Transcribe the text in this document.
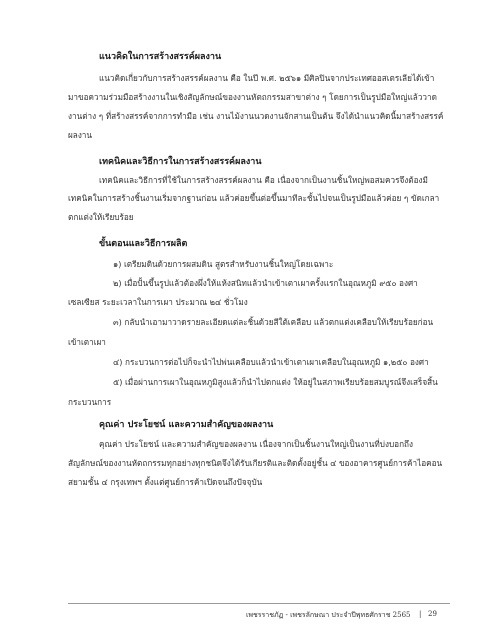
แนวคิดในการสร้างสรรค์ผลงาน
แนวคิดเกี่ยวกับการสร้างสรรค์ผลงาน คือ ในปี พ.ศ. ๒๕๖๑ มีศิลปินจากประเทศออสเตรเลียได้เข้า
มาขอความร่วมมือสร้างงานในเชิงสัญลักษณ์ของงานหัตถกรรมสาขาต่าง ๆ โดยการเป็นรูปมือใหญ่แล้ววาด
งานต่าง ๆ ที่สร้างสรรค์จากการทำมือ เช่น งานไม้งานนวดงานจักสานเป็นต้น จึงได้นำแนวคิดนี้มาสร้างสรรค์
ผลงาน
เทคนิคและวิธีการในการสร้างสรรค์ผลงาน
เทคนิคและวิธีการที่ใช้ในการสร้างสรรค์ผลงาน คือ เนื่องจากเป็นงานชิ้นใหญ่พอสมควรจึงต้องมี
เทคนิคในการสร้างชิ้นงานเริ่มจากฐานก่อน แล้วค่อยขึ้นต่อขึ้นมาทีละชั้นไปจนเป็นรูปมือแล้วค่อย ๆ ขัดเกลา
ตกแต่งให้เรียบร้อย
ขั้นตอนและวิธีการผลิต
๑) เตรียมดินด้วยการผสมดิน สูตรสำหรับงานชิ้นใหญ่โดยเฉพาะ
๒) เมื่อปั้นขึ้นรูปแล้วต้องผึ่งให้แห้งสนิทแล้วนำเข้าเตาเผาครั้งแรกในอุณหภูมิ ๙๕๐ องศา
เซลเซียส ระยะเวลาในการเผา ประมาณ ๒๔ ชั่วโมง
๓) กลับนำเอามาวาดรายละเอียดแต่ละชิ้นด้วยสีใต้เคลือบ แล้วตกแต่งเคลือบให้เรียบร้อยก่อน
เข้าเตาเผา
๔) กระบวนการต่อไปก็จะนำไปพ่นเคลือบแล้วนำเข้าเตาเผาเคลือบในอุณหภูมิ ๑,๒๕๐ องศา
๕) เมื่อผ่านการเผาในอุณหภูมิสูงแล้วก็นำไปตกแต่ง ให้อยู่ในสภาพเรียบร้อยสมบูรณ์จึงเสร็จสิ้น
กระบวนการ
คุณค่า ประโยชน์ และความสำคัญของผลงาน
คุณค่า ประโยชน์ และความสำคัญของผลงาน เนื่องจากเป็นชิ้นงานใหญ่เป็นงานที่บ่งบอกถึง
สัญลักษณ์ของงานหัตถกรรมทุกอย่างทุกชนิดจึงได้รับเกียรติและติดตั้งอยู่ชั้น ๔ ของอาคารศูนย์การค้าไอคอน
สยามชั้น ๔ กรุงเทพฯ ตั้งแต่ศูนย์การค้าเปิดจนถึงปัจจุบัน
เพชรราชภัฏ - เพชรลักษณา ประจำปีพุทธศักราช 2565 | 29
